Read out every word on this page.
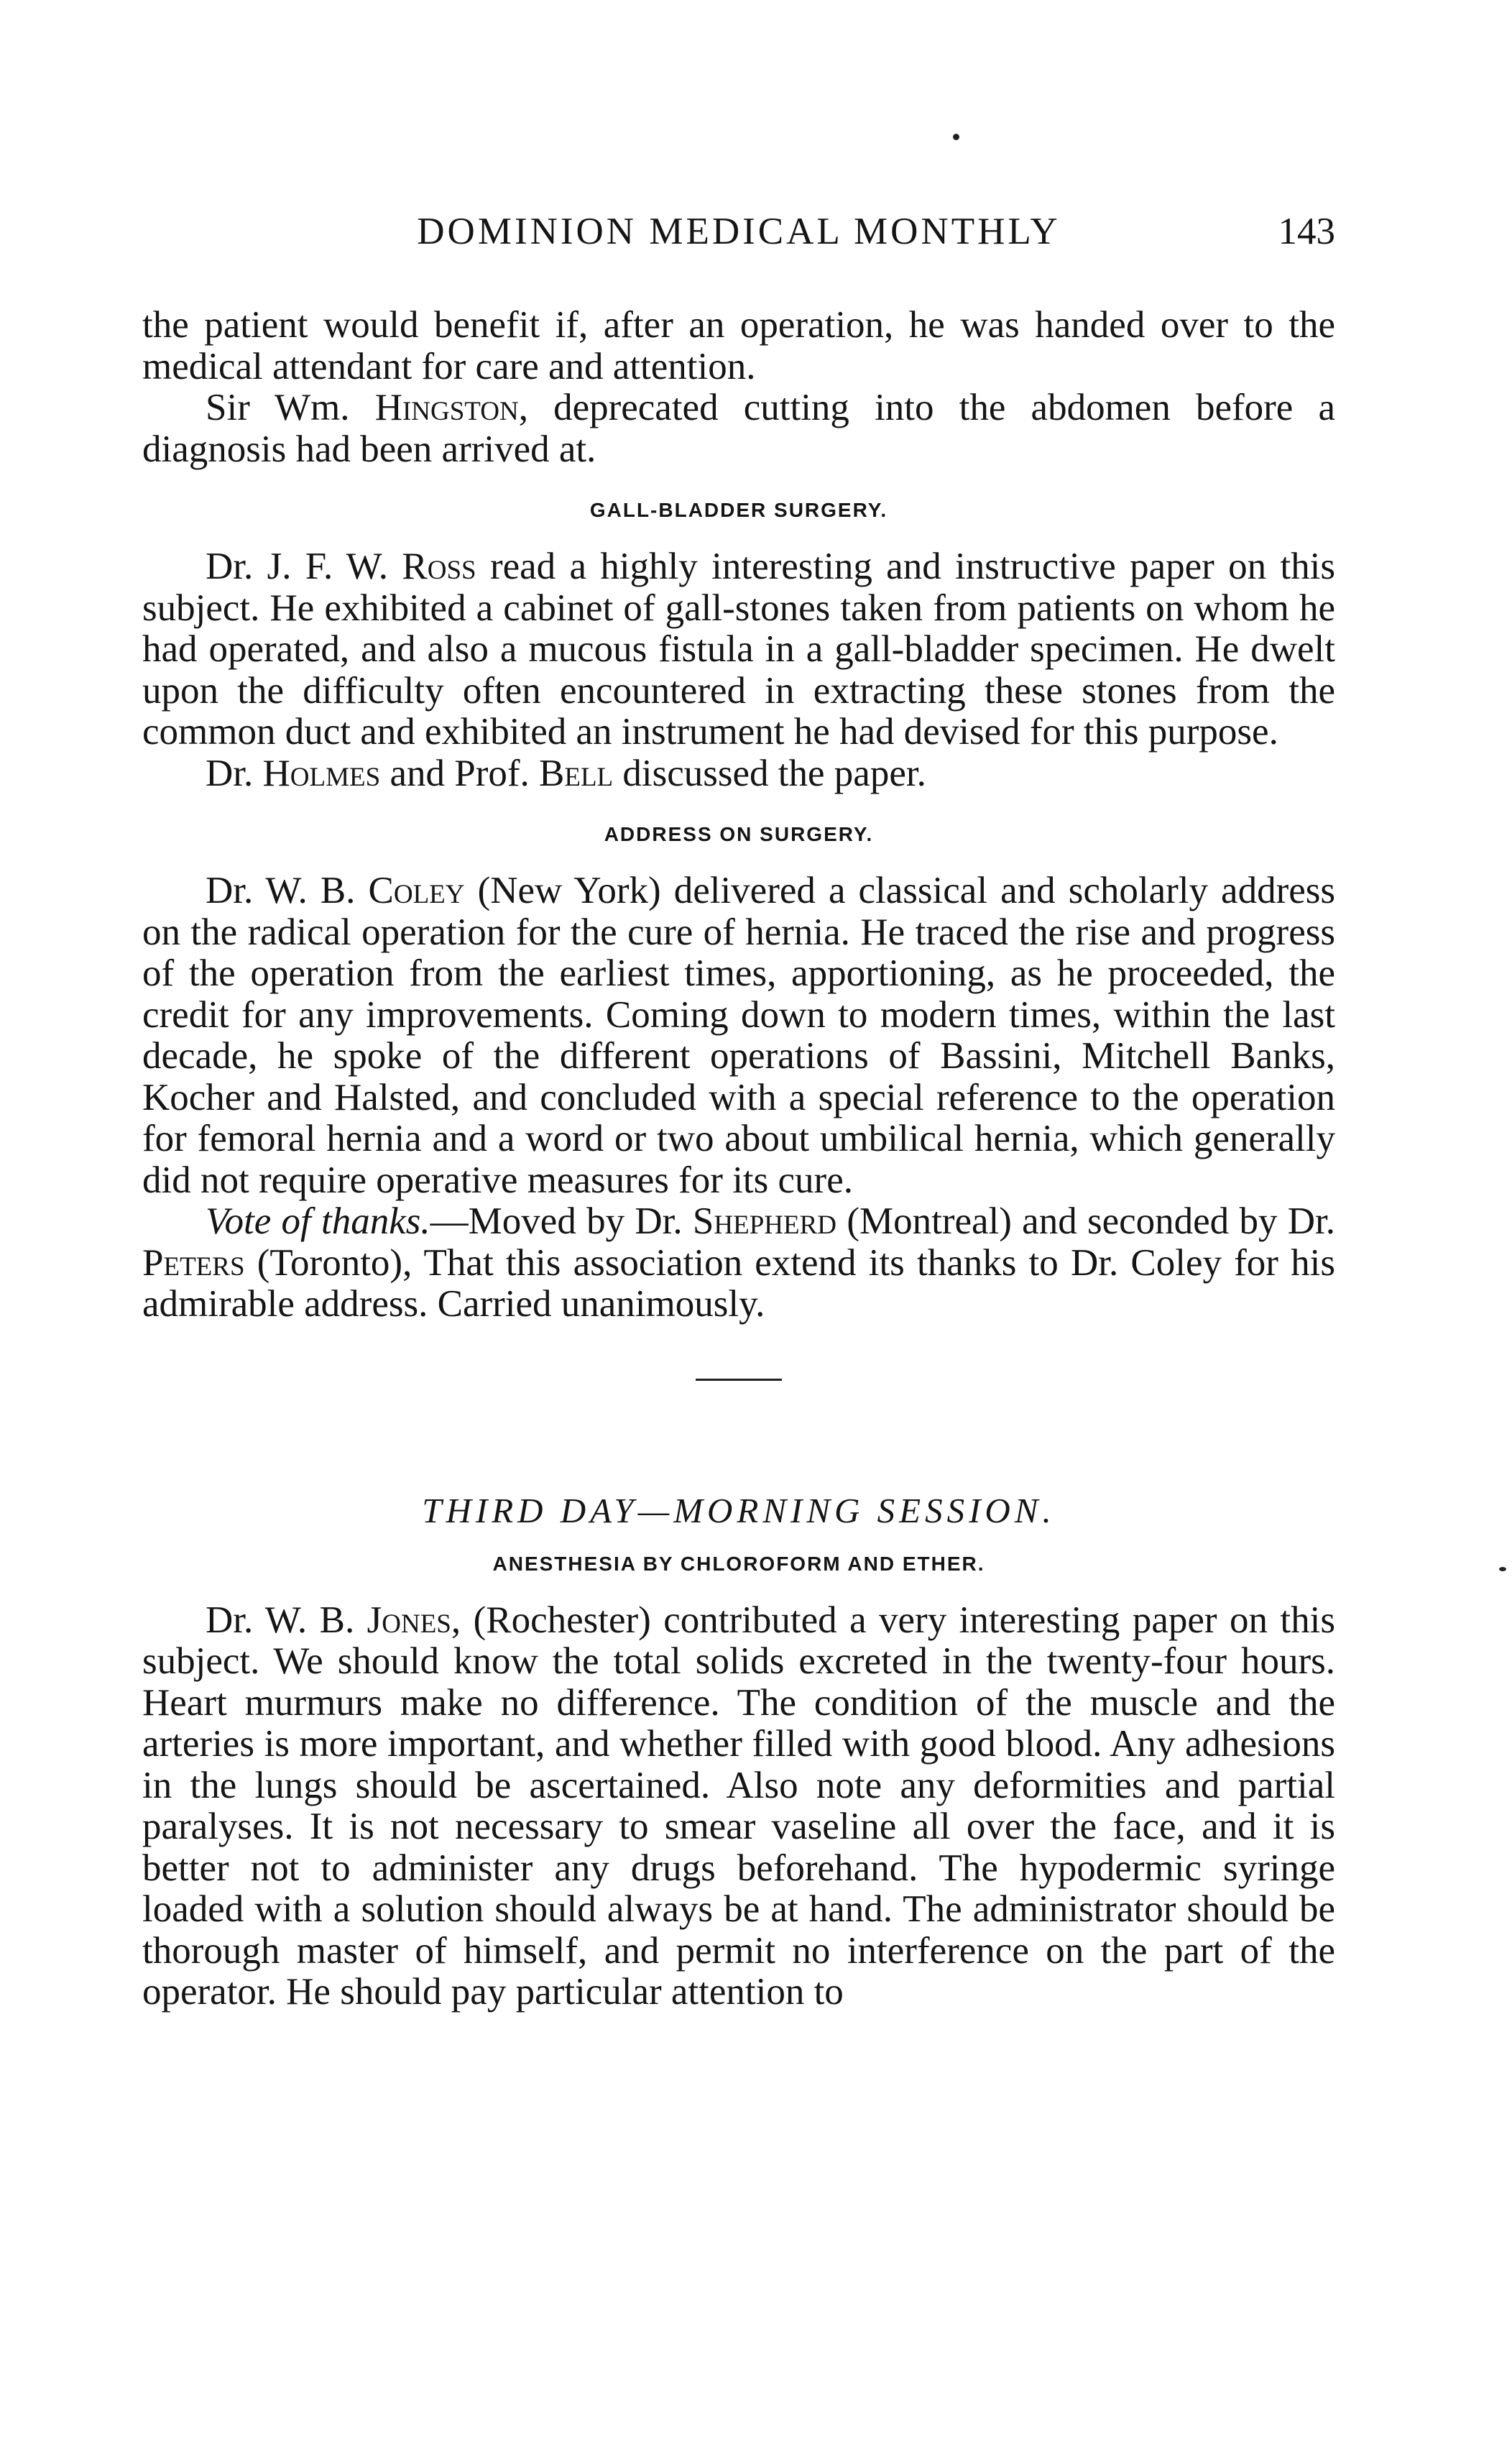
DOMINION MEDICAL MONTHLY	143

the patient would benefit if, after an operation, he was handed over to the medical attendant for care and attention.

Sir Wm. Hingston, deprecated cutting into the abdomen before a diagnosis had been arrived at.

GALL-BLADDER SURGERY.

Dr. J. F. W. Ross read a highly interesting and instructive paper on this subject. He exhibited a cabinet of gall-stones taken from patients on whom he had operated, and also a mucous fistula in a gall-bladder specimen. He dwelt upon the difficulty often encountered in extracting these stones from the common duct and exhibited an instrument he had devised for this purpose.

Dr. Holmes and Prof. Bell discussed the paper.

ADDRESS ON SURGERY.

Dr. W. B. Coley (New York) delivered a classical and scholarly address on the radical operation for the cure of hernia. He traced the rise and progress of the operation from the earliest times, apportioning, as he proceeded, the credit for any improvements. Coming down to modern times, within the last decade, he spoke of the different operations of Bassini, Mitchell Banks, Kocher and Halsted, and concluded with a special reference to the operation for femoral hernia and a word or two about umbilical hernia, which generally did not require operative measures for its cure.

Vote of thanks.—Moved by Dr. Shepherd (Montreal) and seconded by Dr. Peters (Toronto), That this association extend its thanks to Dr. Coley for his admirable address. Carried unanimously.

THIRD DAY—MORNING SESSION.
ANESTHESIA BY CHLOROFORM AND ETHER.

Dr. W. B. Jones, (Rochester) contributed a very interesting paper on this subject. We should know the total solids excreted in the twenty-four hours. Heart murmurs make no difference. The condition of the muscle and the arteries is more important, and whether filled with good blood. Any adhesions in the lungs should be ascertained. Also note any deformities and partial paralyses. It is not necessary to smear vaseline all over the face, and it is better not to administer any drugs beforehand. The hypodermic syringe loaded with a solution should always be at hand. The administrator should be thorough master of himself, and permit no interference on the part of the operator. He should pay particular attention to
